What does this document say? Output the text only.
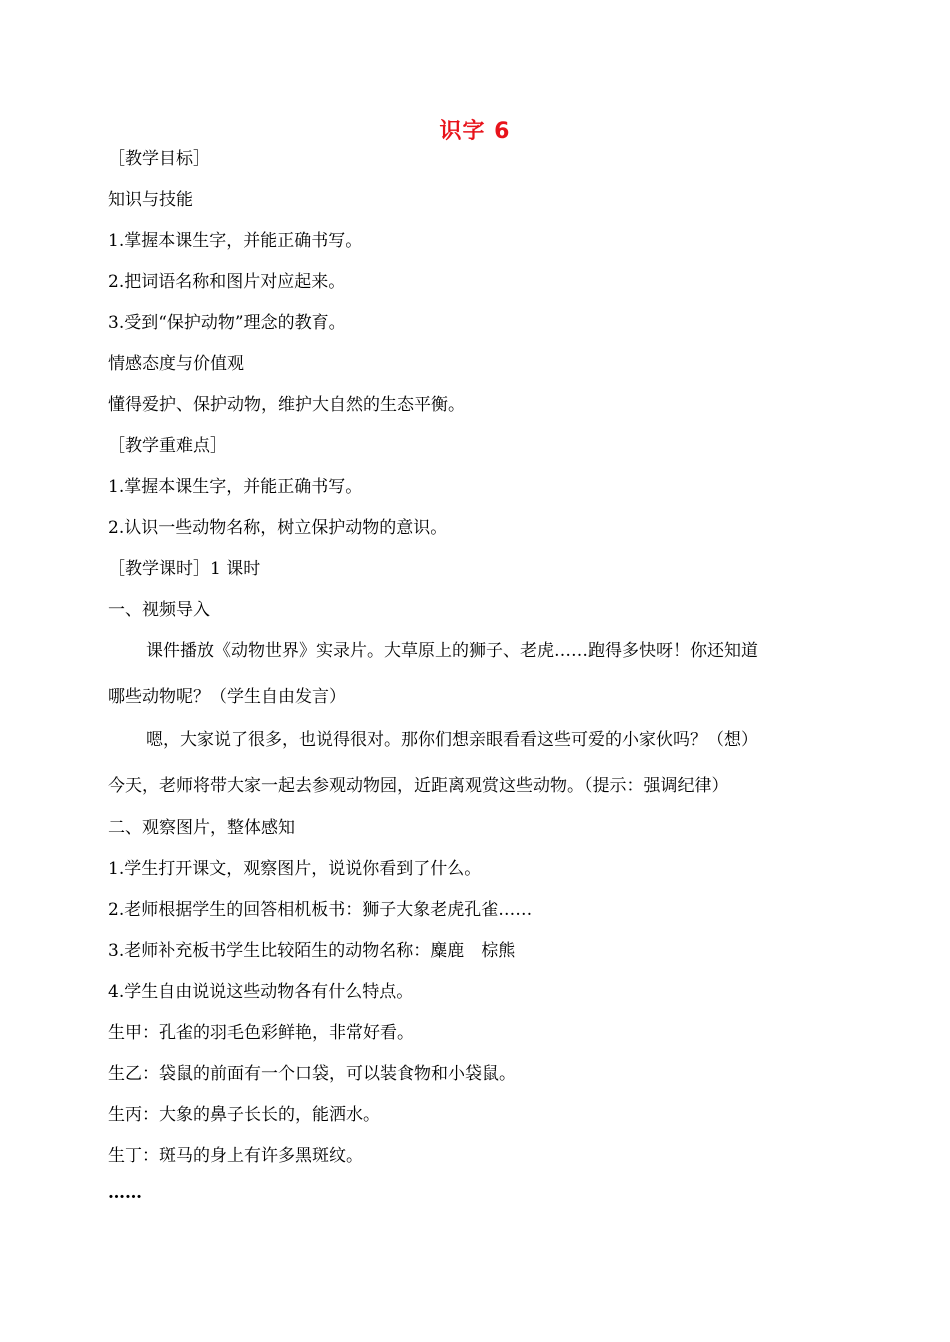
识字 6
［教学目标］
知识与技能
1.掌握本课生字，并能正确书写。
2.把词语名称和图片对应起来。
3.受到“保护动物”理念的教育。
情感态度与价值观
懂得爱护、保护动物，维护大自然的生态平衡。
［教学重难点］
1.掌握本课生字，并能正确书写。
2.认识一些动物名称，树立保护动物的意识。
［教学课时］1 课时
一、视频导入
课件播放《动物世界》实录片。大草原上的狮子、老虎……跑得多快呀！你还知道
哪些动物呢？（学生自由发言）
嗯，大家说了很多，也说得很对。那你们想亲眼看看这些可爱的小家伙吗？（想）
今天，老师将带大家一起去参观动物园，近距离观赏这些动物。（提示：强调纪律）
二、观察图片，整体感知
1.学生打开课文，观察图片，说说你看到了什么。
2.老师根据学生的回答相机板书：狮子大象老虎孔雀……
3.老师补充板书学生比较陌生的动物名称：麋鹿　棕熊
4.学生自由说说这些动物各有什么特点。
生甲：孔雀的羽毛色彩鲜艳，非常好看。
生乙：袋鼠的前面有一个口袋，可以装食物和小袋鼠。
生丙：大象的鼻子长长的，能洒水。
生丁：斑马的身上有许多黑斑纹。
……
